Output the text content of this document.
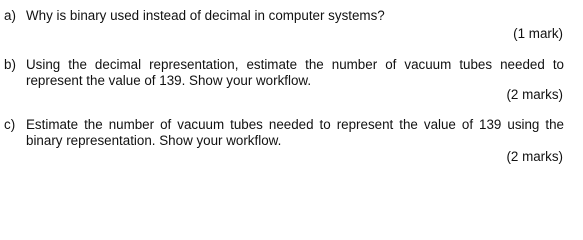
a) Why is binary used instead of decimal in computer systems?
(1 mark)
b) Using the decimal representation, estimate the number of vacuum tubes needed to represent the value of 139. Show your workflow.
(2 marks)
c) Estimate the number of vacuum tubes needed to represent the value of 139 using the binary representation. Show your workflow.
(2 marks)
